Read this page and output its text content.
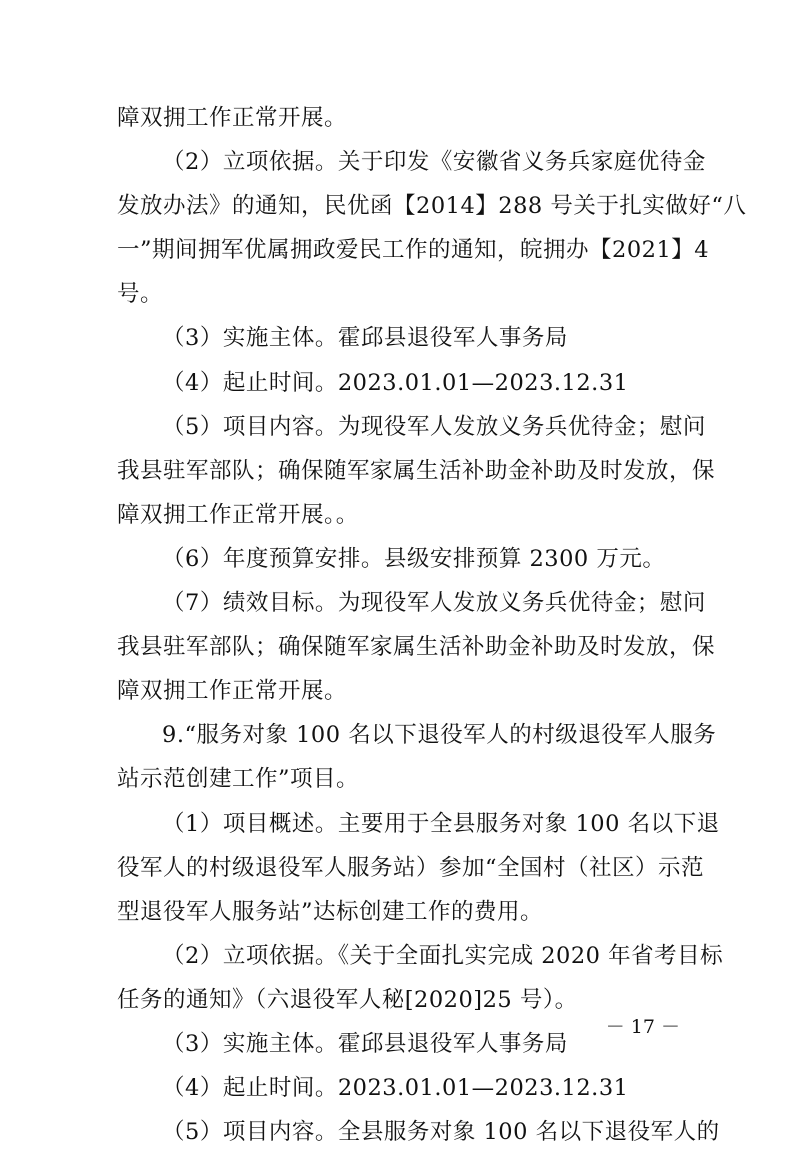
障双拥工作正常开展。
（2）立项依据。关于印发《安徽省义务兵家庭优待金
发放办法》的通知，民优函【2014】288 号关于扎实做好“八
一”期间拥军优属拥政爱民工作的通知，皖拥办【2021】4
号。
（3）实施主体。霍邱县退役军人事务局
（4）起止时间。2023.01.01—2023.12.31
（5）项目内容。为现役军人发放义务兵优待金；慰问
我县驻军部队；确保随军家属生活补助金补助及时发放，保
障双拥工作正常开展。。
（6）年度预算安排。县级安排预算 2300 万元。
（7）绩效目标。为现役军人发放义务兵优待金；慰问
我县驻军部队；确保随军家属生活补助金补助及时发放，保
障双拥工作正常开展。
9.“服务对象 100 名以下退役军人的村级退役军人服务
站示范创建工作”项目。
（1）项目概述。主要用于全县服务对象 100 名以下退
役军人的村级退役军人服务站）参加“全国村（社区）示范
型退役军人服务站”达标创建工作的费用。
（2）立项依据。《关于全面扎实完成 2020 年省考目标
任务的通知》（六退役军人秘[2020]25 号）。
（3）实施主体。霍邱县退役军人事务局
（4）起止时间。2023.01.01—2023.12.31
（5）项目内容。全县服务对象 100 名以下退役军人的
－ 17 －
